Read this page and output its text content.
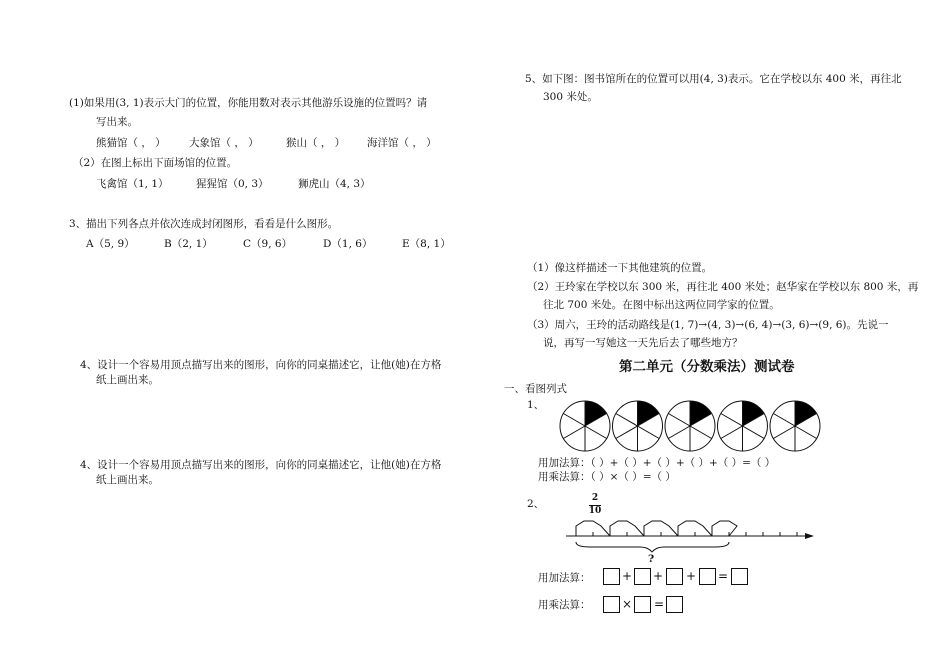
(1)如果用(3, 1)表示大门的位置，你能用数对表示其他游乐设施的位置吗？请
写出来。
熊猫馆（ ， ） 大象馆（ ， ）	猴山（ ， ） 海洋馆（ ， ）
（2）在图上标出下面场馆的位置。
飞禽馆（1, 1）	猩猩馆（0, 3）	狮虎山（4, 3）
3、描出下列各点并依次连成封闭图形，看看是什么图形。
A（5, 9）	B（2, 1）	C（9, 6）	D（1, 6）	E（8, 1）
4、设计一个容易用顶点描写出来的图形，向你的同桌描述它，让他(她)在方格
纸上画出来。
4、设计一个容易用顶点描写出来的图形，向你的同桌描述它，让他(她)在方格
纸上画出来。
5、如下图：图书馆所在的位置可以用(4, 3)表示。它在学校以东 400 米，再往北
300 米处。
（1）像这样描述一下其他建筑的位置。
（2）王玲家在学校以东 300 米，再往北 400 米处；赵华家在学校以东 800 米，再
往北 700 米处。在图中标出这两位同学家的位置。
（3）周六，王玲的活动路线是(1, 7)→(4, 3)→(6, 4)→(3, 6)→(9, 6)。先说一
说，再写一写她这一天先后去了哪些地方？
第二单元（分数乘法）测试卷
一、看图列式
1、
用加法算：（ ）+（ ）+（ ）+（ ）+（ ）=（ ）
用乘法算：（ ）×（ ）=（ ）
2、	2
10
?
用加法算：	+ + + =
用乘法算：	× =
